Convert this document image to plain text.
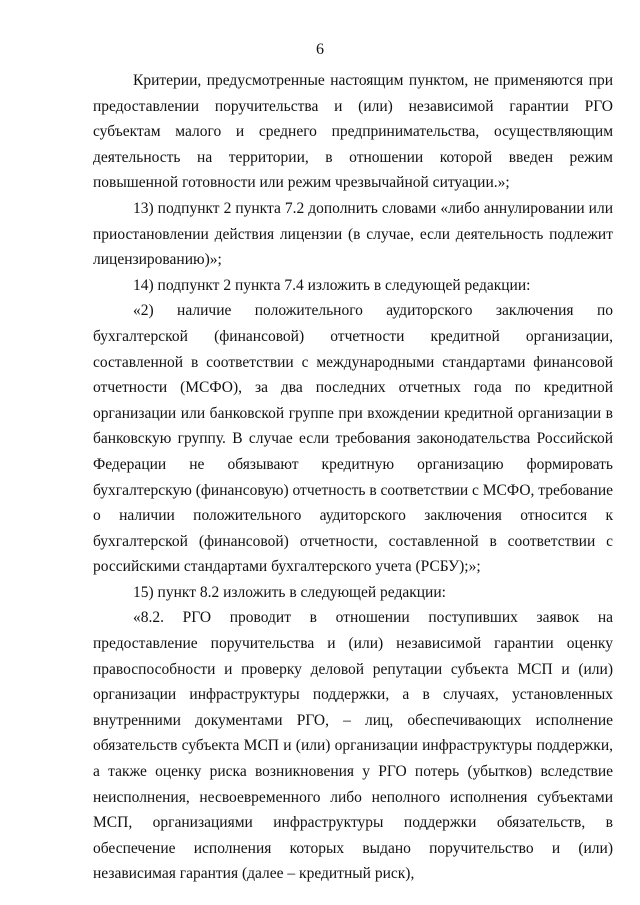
6

Критерии, предусмотренные настоящим пунктом, не применяются при предоставлении поручительства и (или) независимой гарантии РГО субъектам малого и среднего предпринимательства, осуществляющим деятельность на территории, в отношении которой введен режим повышенной готовности или режим чрезвычайной ситуации.»;

13) подпункт 2 пункта 7.2 дополнить словами «либо аннулировании или приостановлении действия лицензии (в случае, если деятельность подлежит лицензированию)»;

14) подпункт 2 пункта 7.4 изложить в следующей редакции:

«2) наличие положительного аудиторского заключения по бухгалтерской (финансовой) отчетности кредитной организации, составленной в соответствии с международными стандартами финансовой отчетности (МСФО), за два последних отчетных года по кредитной организации или банковской группе при вхождении кредитной организации в банковскую группу. В случае если требования законодательства Российской Федерации не обязывают кредитную организацию формировать бухгалтерскую (финансовую) отчетность в соответствии с МСФО, требование о наличии положительного аудиторского заключения относится к бухгалтерской (финансовой) отчетности, составленной в соответствии с российскими стандартами бухгалтерского учета (РСБУ);»;

15) пункт 8.2 изложить в следующей редакции:

«8.2. РГО проводит в отношении поступивших заявок на предоставление поручительства и (или) независимой гарантии оценку правоспособности и проверку деловой репутации субъекта МСП и (или) организации инфраструктуры поддержки, а в случаях, установленных внутренними документами РГО, – лиц, обеспечивающих исполнение обязательств субъекта МСП и (или) организации инфраструктуры поддержки, а также оценку риска возникновения у РГО потерь (убытков) вследствие неисполнения, несвоевременного либо неполного исполнения субъектами МСП, организациями инфраструктуры поддержки обязательств, в обеспечение исполнения которых выдано поручительство и (или) независимая гарантия (далее – кредитный риск),
